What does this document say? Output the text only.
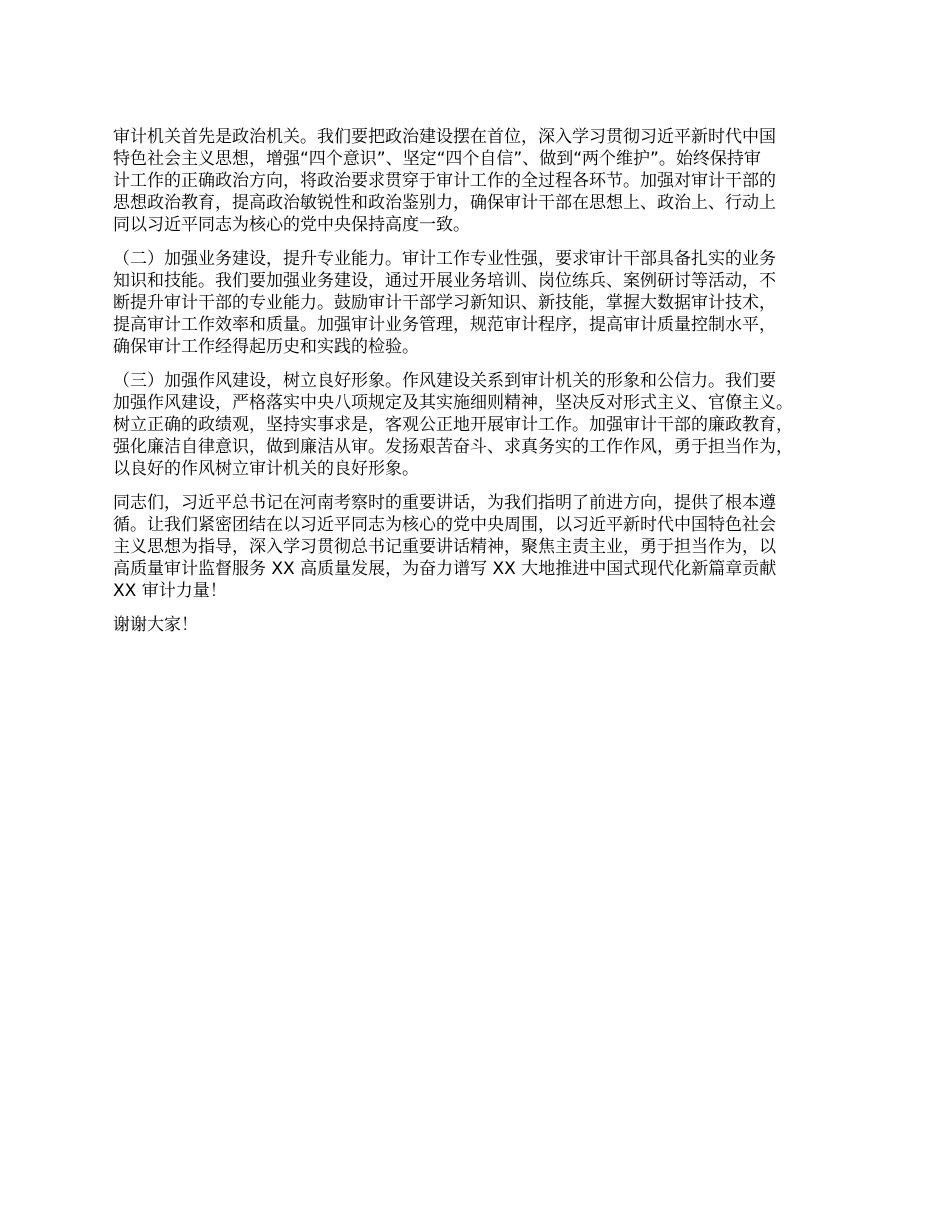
审计机关首先是政治机关。我们要把政治建设摆在首位，深入学习贯彻习近平新时代中国
特色社会主义思想，增强“四个意识”、坚定“四个自信”、做到“两个维护”。始终保持审
计工作的正确政治方向，将政治要求贯穿于审计工作的全过程各环节。加强对审计干部的
思想政治教育，提高政治敏锐性和政治鉴别力，确保审计干部在思想上、政治上、行动上
同以习近平同志为核心的党中央保持高度一致。

（二）加强业务建设，提升专业能力。审计工作专业性强，要求审计干部具备扎实的业务
知识和技能。我们要加强业务建设，通过开展业务培训、岗位练兵、案例研讨等活动，不
断提升审计干部的专业能力。鼓励审计干部学习新知识、新技能，掌握大数据审计技术，
提高审计工作效率和质量。加强审计业务管理，规范审计程序，提高审计质量控制水平，
确保审计工作经得起历史和实践的检验。

（三）加强作风建设，树立良好形象。作风建设关系到审计机关的形象和公信力。我们要
加强作风建设，严格落实中央八项规定及其实施细则精神，坚决反对形式主义、官僚主义。
树立正确的政绩观，坚持实事求是，客观公正地开展审计工作。加强审计干部的廉政教育，
强化廉洁自律意识，做到廉洁从审。发扬艰苦奋斗、求真务实的工作作风，勇于担当作为，
以良好的作风树立审计机关的良好形象。

同志们，习近平总书记在河南考察时的重要讲话，为我们指明了前进方向，提供了根本遵
循。让我们紧密团结在以习近平同志为核心的党中央周围，以习近平新时代中国特色社会
主义思想为指导，深入学习贯彻总书记重要讲话精神，聚焦主责主业，勇于担当作为，以
高质量审计监督服务 XX 高质量发展，为奋力谱写 XX 大地推进中国式现代化新篇章贡献
XX 审计力量！

谢谢大家！
